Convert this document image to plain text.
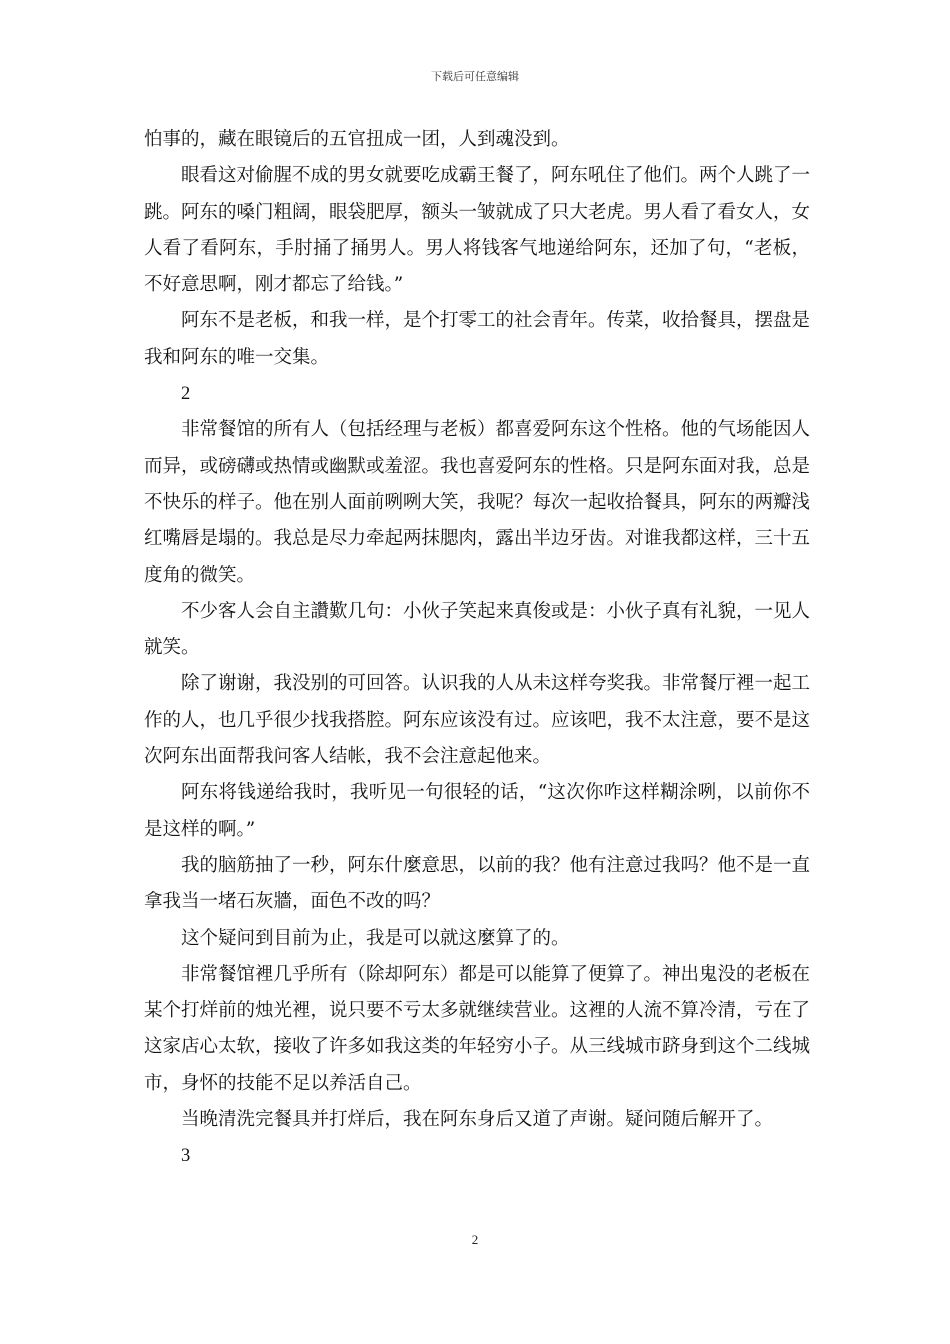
下载后可任意编辑

怕事的，藏在眼镜后的五官扭成一团，人到魂没到。

眼看这对偷腥不成的男女就要吃成霸王餐了，阿东吼住了他们。两个人跳了一跳。阿东的嗓门粗阔，眼袋肥厚，额头一皱就成了只大老虎。男人看了看女人，女人看了看阿东，手肘捅了捅男人。男人将钱客气地递给阿东，还加了句，“老板，不好意思啊，刚才都忘了给钱。”

阿东不是老板，和我一样，是个打零工的社会青年。传菜，收拾餐具，摆盘是我和阿东的唯一交集。

2

非常餐馆的所有人（包括经理与老板）都喜爱阿东这个性格。他的气场能因人而异，或磅礴或热情或幽默或羞涩。我也喜爱阿东的性格。只是阿东面对我，总是不快乐的样子。他在别人面前咧咧大笑，我呢？每次一起收拾餐具，阿东的两瓣浅红嘴唇是塌的。我总是尽力牵起两抹腮肉，露出半边牙齿。对谁我都这样，三十五度角的微笑。

不少客人会自主讚歎几句：小伙子笑起来真俊或是：小伙子真有礼貌，一见人就笑。

除了谢谢，我没别的可回答。认识我的人从未这样夸奖我。非常餐厅裡一起工作的人，也几乎很少找我搭腔。阿东应该没有过。应该吧，我不太注意，要不是这次阿东出面帮我问客人结帐，我不会注意起他来。

阿东将钱递给我时，我听见一句很轻的话，“这次你咋这样糊涂咧，以前你不是这样的啊。”

我的脑筋抽了一秒，阿东什麼意思，以前的我？他有注意过我吗？他不是一直拿我当一堵石灰牆，面色不改的吗？

这个疑问到目前为止，我是可以就这麼算了的。

非常餐馆裡几乎所有（除却阿东）都是可以能算了便算了。神出鬼没的老板在某个打烊前的烛光裡，说只要不亏太多就继续营业。这裡的人流不算冷清，亏在了这家店心太软，接收了许多如我这类的年轻穷小子。从三线城市跻身到这个二线城市，身怀的技能不足以养活自己。

当晚清洗完餐具并打烊后，我在阿东身后又道了声谢。疑问随后解开了。

3

2
